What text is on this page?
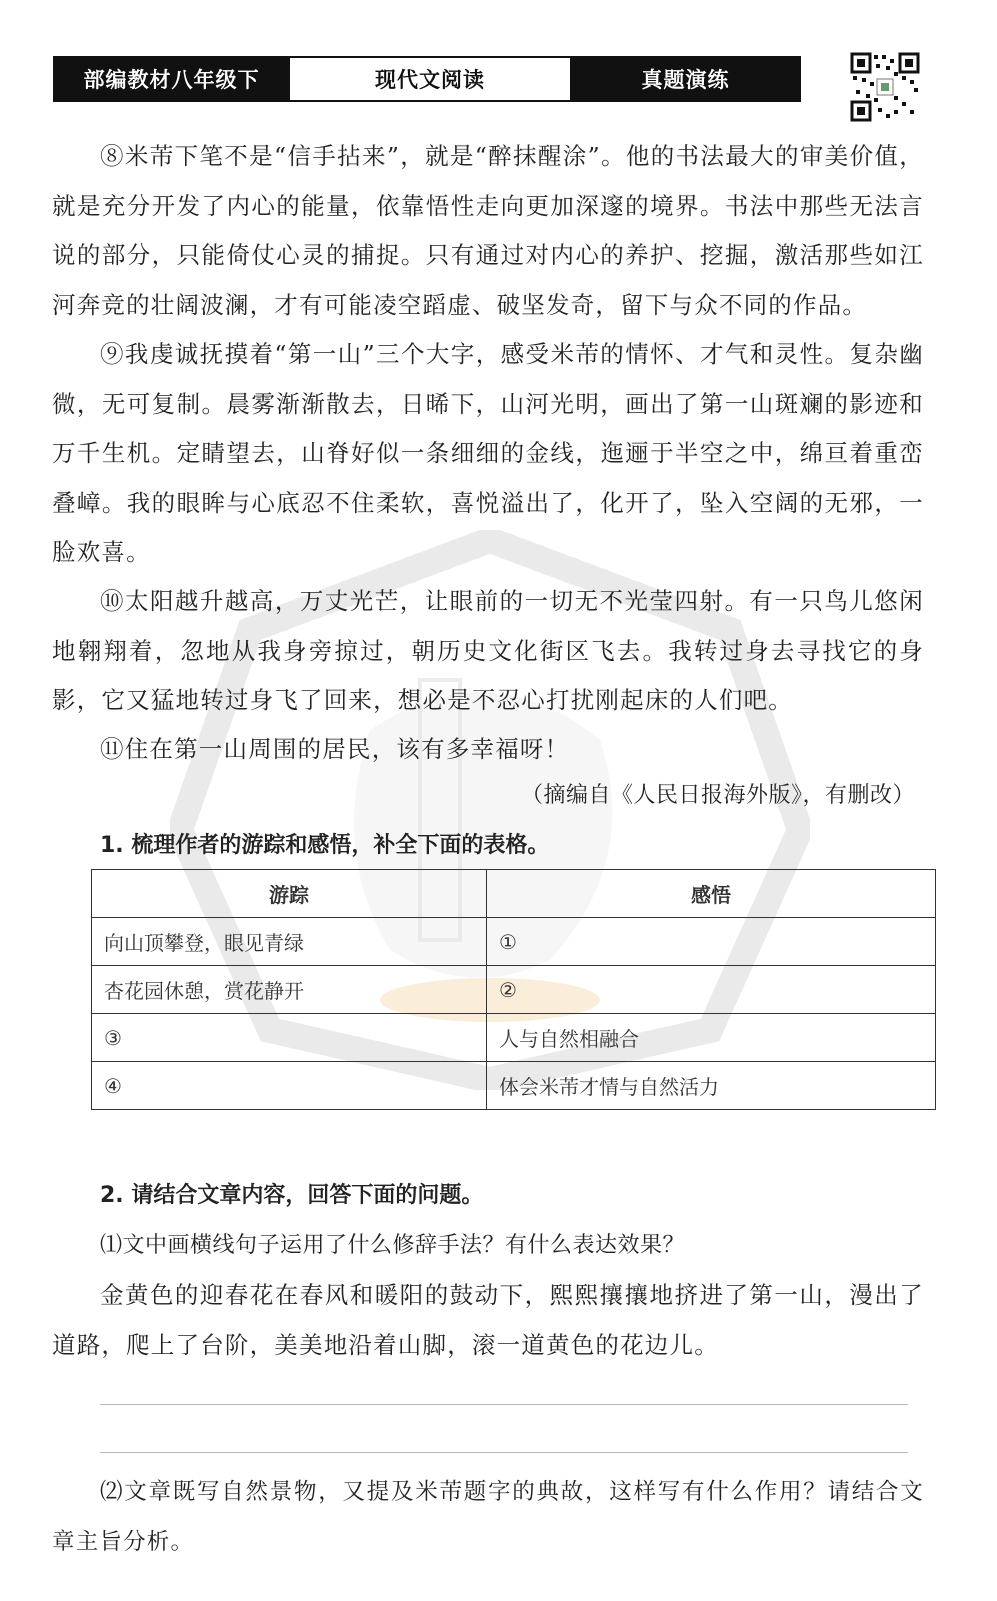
部编教材八年级下	现代文阅读	真题演练

⑧米芾下笔不是“信手拈来”，就是“醉抹醒涂”。他的书法最大的审美价值，就是充分开发了内心的能量，依靠悟性走向更加深邃的境界。书法中那些无法言说的部分，只能倚仗心灵的捕捉。只有通过对内心的养护、挖掘，激活那些如江河奔竞的壮阔波澜，才有可能凌空蹈虚、破坚发奇，留下与众不同的作品。

⑨我虔诚抚摸着“第一山”三个大字，感受米芾的情怀、才气和灵性。复杂幽微，无可复制。晨雾渐渐散去，日晞下，山河光明，画出了第一山斑斓的影迹和万千生机。定睛望去，山脊好似一条细细的金线，迤逦于半空之中，绵亘着重峦叠嶂。我的眼眸与心底忍不住柔软，喜悦溢出了，化开了，坠入空阔的无邪，一脸欢喜。

⑩太阳越升越高，万丈光芒，让眼前的一切无不光莹四射。有一只鸟儿悠闲地翱翔着，忽地从我身旁掠过，朝历史文化街区飞去。我转过身去寻找它的身影，它又猛地转过身飞了回来，想必是不忍心打扰刚起床的人们吧。

⑪住在第一山周围的居民，该有多幸福呀！

（摘编自《人民日报海外版》，有删改）
1. 梳理作者的游踪和感悟，补全下面的表格。
游踪	感悟
向山顶攀登，眼见青绿	①
杏花园休憩，赏花静开	②
③	人与自然相融合
④	体会米芾才情与自然活力
2. 请结合文章内容，回答下面的问题。
⑴文中画横线句子运用了什么修辞手法？有什么表达效果？

金黄色的迎春花在春风和暖阳的鼓动下，熙熙攘攘地挤进了第一山，漫出了道路，爬上了台阶，美美地沿着山脚，滚一道黄色的花边儿。

⑵文章既写自然景物，又提及米芾题字的典故，这样写有什么作用？请结合文章主旨分析。
